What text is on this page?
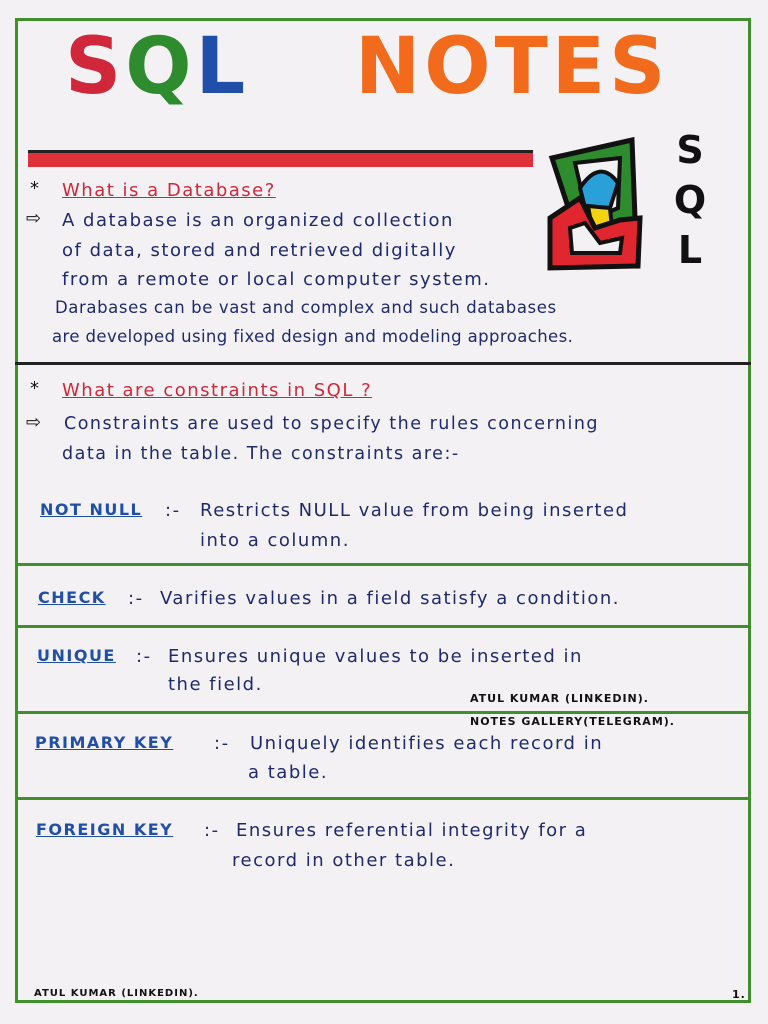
SQL NOTES
S
Q
L
* What is a Database?
⇨ A database is an organized collection
of data, stored and retrieved digitally
from a remote or local computer system.
Darabases can be vast and complex and such databases
are developed using fixed design and modeling approaches.
* What are constraints in SQL ?
⇨ Constraints are used to specify the rules concerning
data in the table. The constraints are:-
NOT NULL :- Restricts NULL value from being inserted
into a column.
CHECK :- Varifies values in a field satisfy a condition.
UNIQUE :- Ensures unique values to be inserted in
the field.
ATUL KUMAR (LINKEDIN).
NOTES GALLERY(TELEGRAM).
PRIMARY KEY :- Uniquely identifies each record in
a table.
FOREIGN KEY :- Ensures referential integrity for a
record in other table.
ATUL KUMAR (LINKEDIN).	1.
